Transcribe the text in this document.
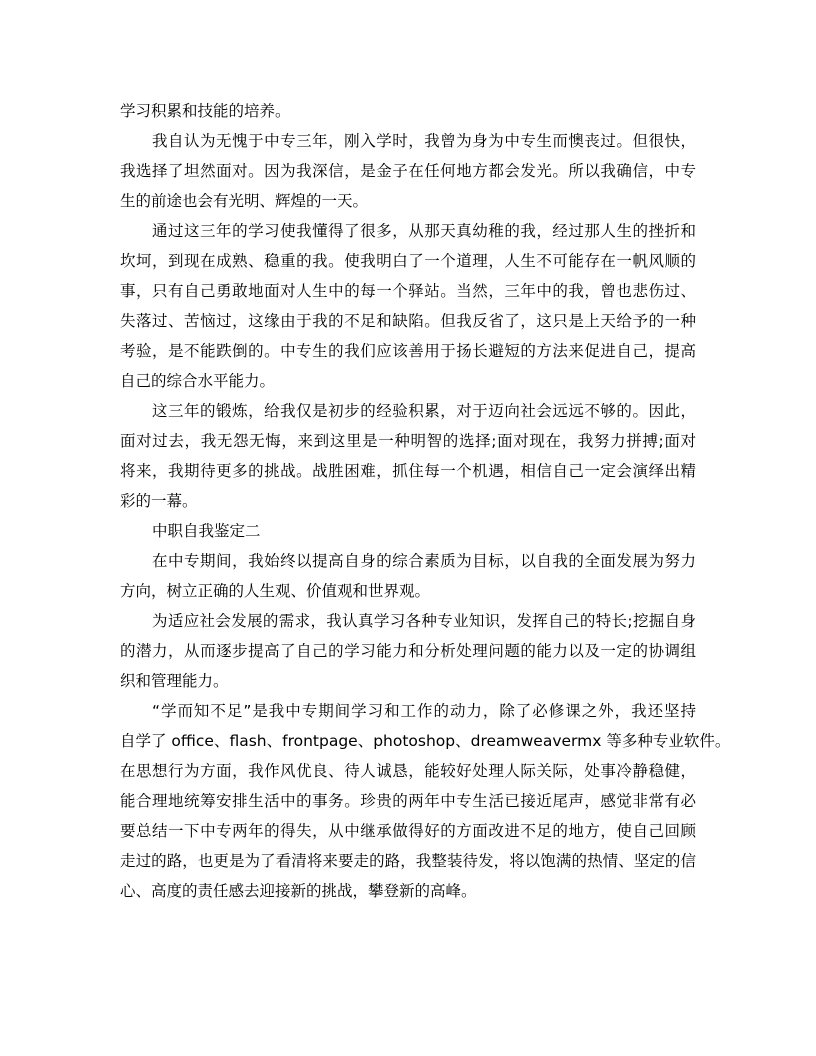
学习积累和技能的培养。
我自认为无愧于中专三年，刚入学时，我曾为身为中专生而懊丧过。但很快，
我选择了坦然面对。因为我深信，是金子在任何地方都会发光。所以我确信，中专
生的前途也会有光明、辉煌的一天。
通过这三年的学习使我懂得了很多，从那天真幼稚的我，经过那人生的挫折和
坎坷，到现在成熟、稳重的我。使我明白了一个道理，人生不可能存在一帆风顺的
事，只有自己勇敢地面对人生中的每一个驿站。当然，三年中的我，曾也悲伤过、
失落过、苦恼过，这缘由于我的不足和缺陷。但我反省了，这只是上天给予的一种
考验，是不能跌倒的。中专生的我们应该善用于扬长避短的方法来促进自己，提高
自己的综合水平能力。
这三年的锻炼，给我仅是初步的经验积累，对于迈向社会远远不够的。因此，
面对过去，我无怨无悔，来到这里是一种明智的选择;面对现在，我努力拼搏;面对
将来，我期待更多的挑战。战胜困难，抓住每一个机遇，相信自己一定会演绎出精
彩的一幕。
中职自我鉴定二
在中专期间，我始终以提高自身的综合素质为目标，以自我的全面发展为努力
方向，树立正确的人生观、价值观和世界观。
为适应社会发展的需求，我认真学习各种专业知识，发挥自己的特长;挖掘自身
的潜力，从而逐步提高了自己的学习能力和分析处理问题的能力以及一定的协调组
织和管理能力。
“学而知不足”是我中专期间学习和工作的动力，除了必修课之外，我还坚持
自学了 office、flash、frontpage、photoshop、dreamweavermx 等多种专业软件。
在思想行为方面，我作风优良、待人诚恳，能较好处理人际关际，处事冷静稳健，
能合理地统筹安排生活中的事务。珍贵的两年中专生活已接近尾声，感觉非常有必
要总结一下中专两年的得失，从中继承做得好的方面改进不足的地方，使自己回顾
走过的路，也更是为了看清将来要走的路，我整装待发，将以饱满的热情、坚定的信
心、高度的责任感去迎接新的挑战，攀登新的高峰。
